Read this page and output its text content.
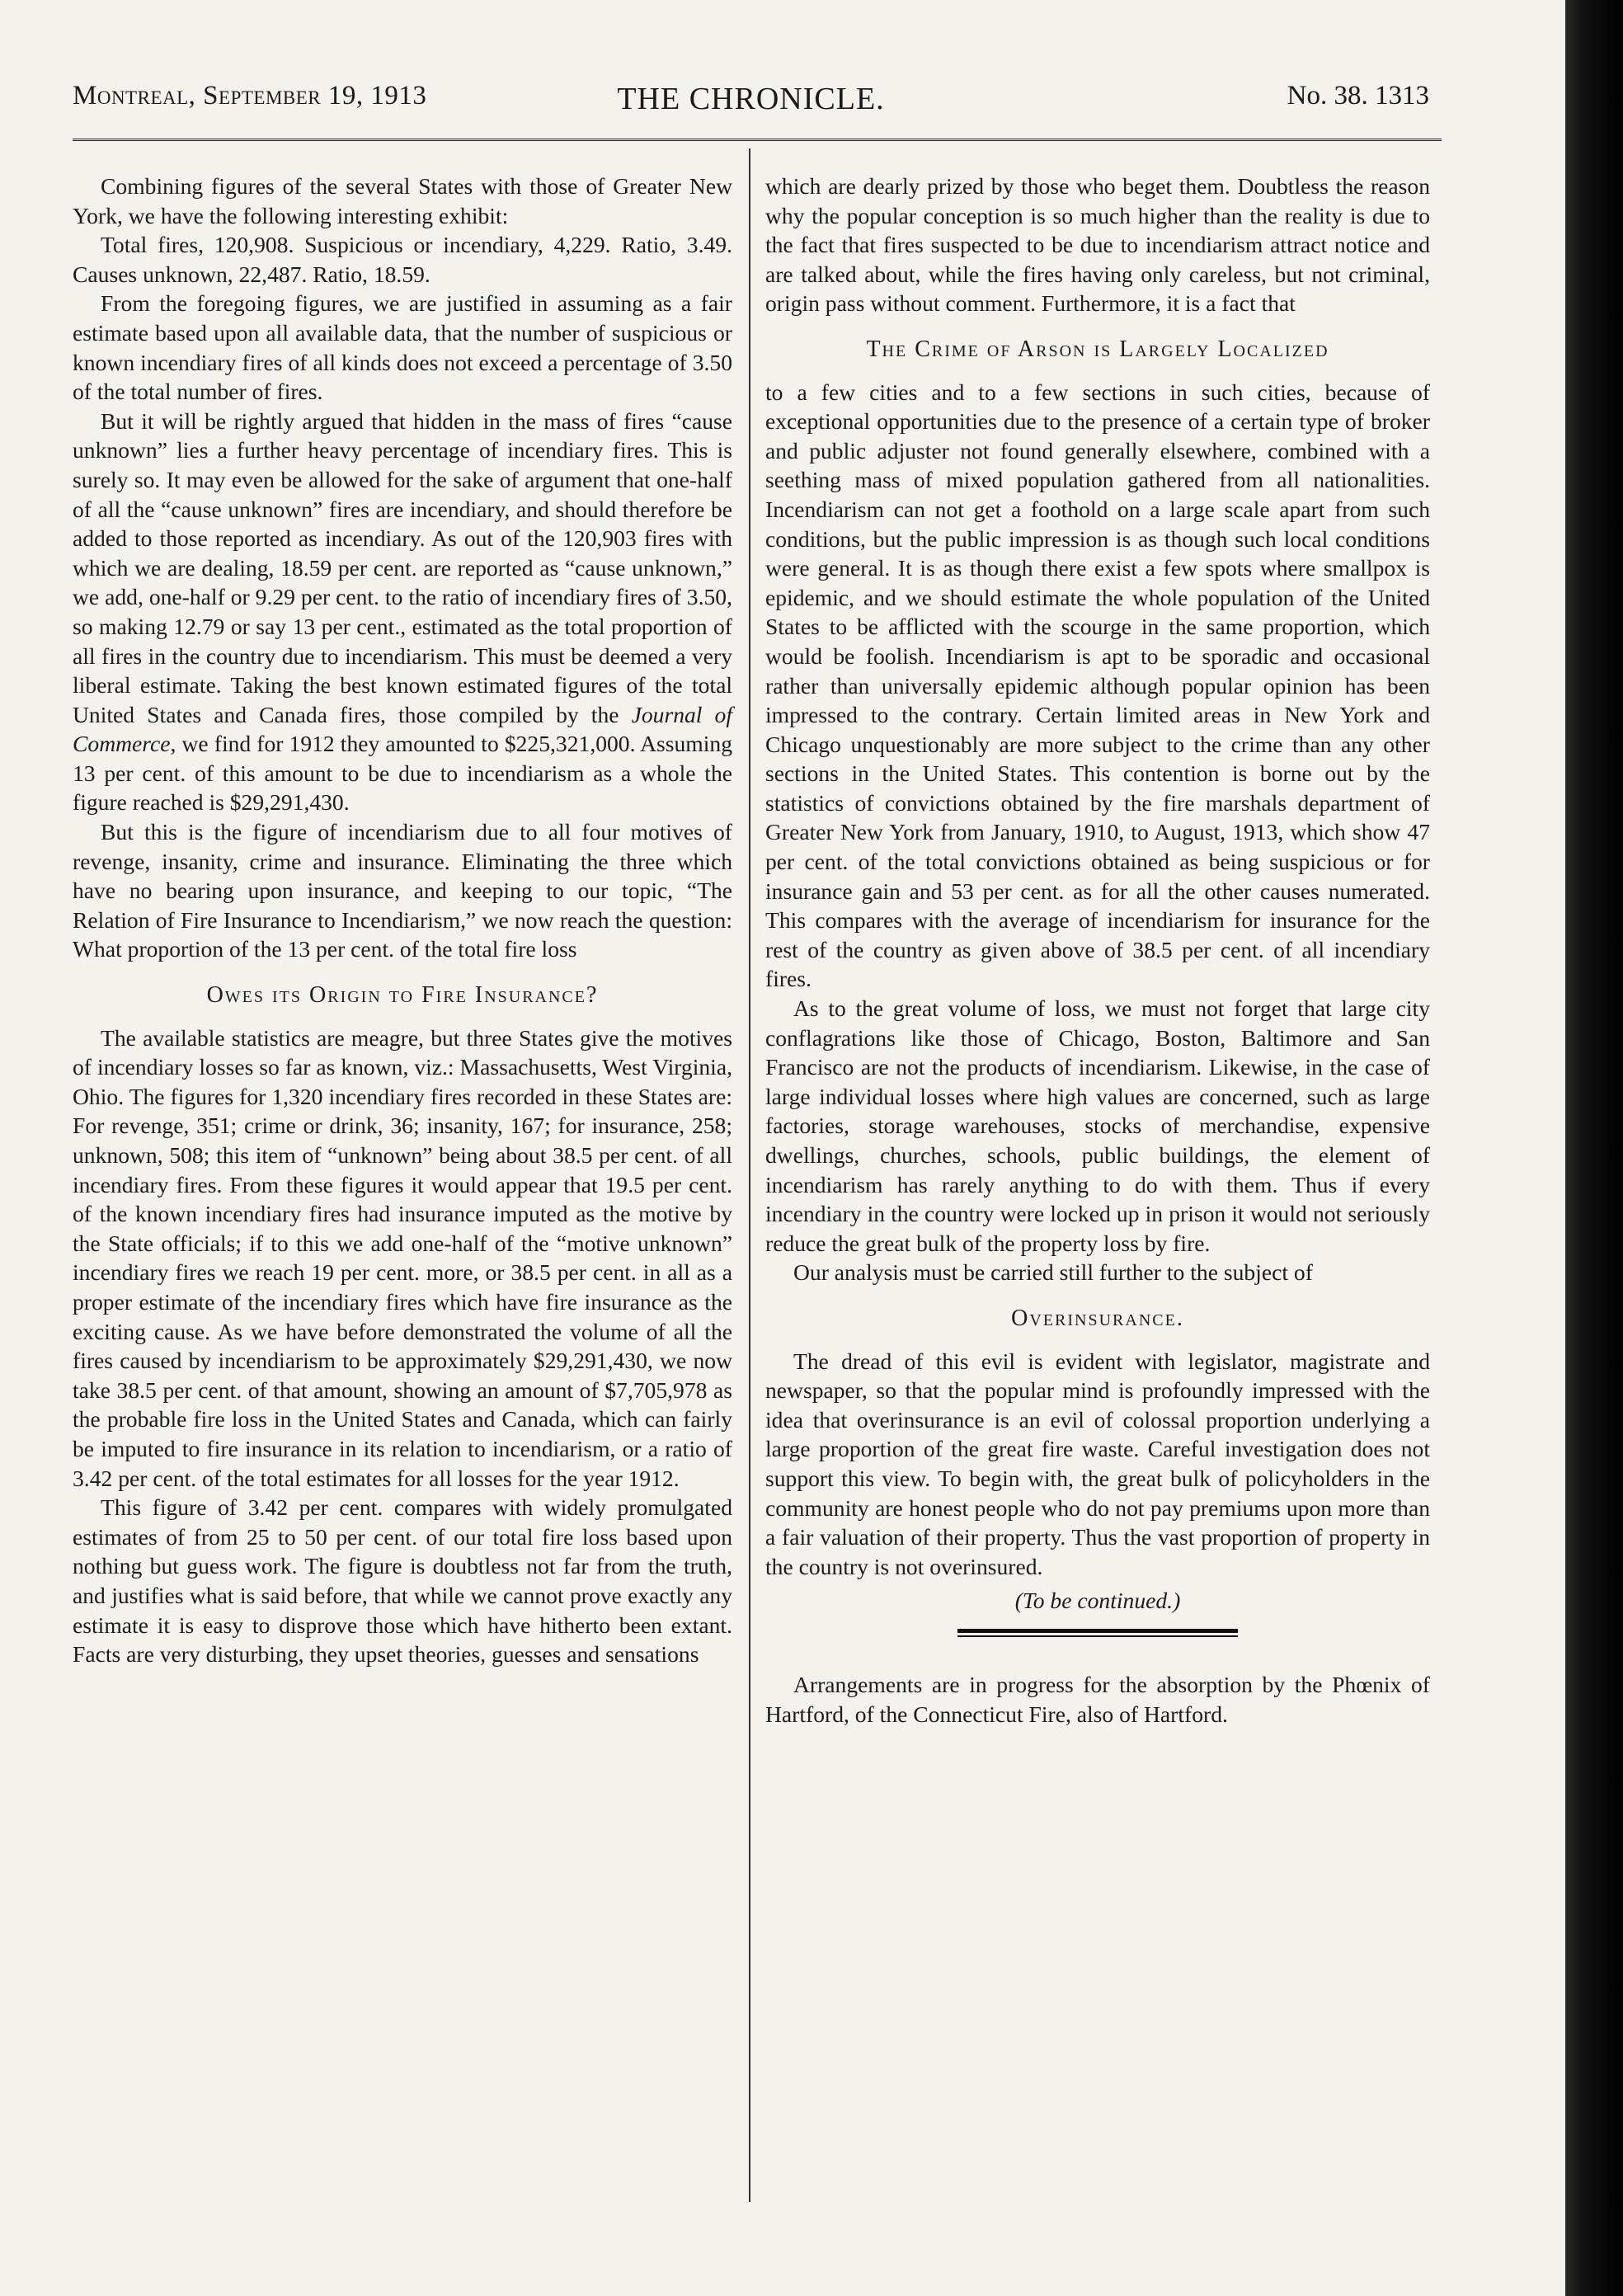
Montreal, September 19, 1913	THE CHRONICLE.	No. 38. 1313

Combining figures of the several States with those of Greater New York, we have the following interesting exhibit:

Total fires, 120,908. Suspicious or incendiary, 4,229. Ratio, 3.49. Causes unknown, 22,487. Ratio, 18.59.

From the foregoing figures, we are justified in assuming as a fair estimate based upon all available data, that the number of suspicious or known incendiary fires of all kinds does not exceed a percentage of 3.50 of the total number of fires.

But it will be rightly argued that hidden in the mass of fires “cause unknown” lies a further heavy percentage of incendiary fires. This is surely so. It may even be allowed for the sake of argument that one-half of all the “cause unknown” fires are incendiary, and should therefore be added to those reported as incendiary. As out of the 120,903 fires with which we are dealing, 18.59 per cent. are reported as “cause unknown,” we add, one-half or 9.29 per cent. to the ratio of incendiary fires of 3.50, so making 12.79 or say 13 per cent., estimated as the total proportion of all fires in the country due to incendiarism. This must be deemed a very liberal estimate. Taking the best known estimated figures of the total United States and Canada fires, those compiled by the Journal of Commerce, we find for 1912 they amounted to $225,321,000. Assuming 13 per cent. of this amount to be due to incendiarism as a whole the figure reached is $29,291,430.

But this is the figure of incendiarism due to all four motives of revenge, insanity, crime and insurance. Eliminating the three which have no bearing upon insurance, and keeping to our topic, “The Relation of Fire Insurance to Incendiarism,” we now reach the question: What proportion of the 13 per cent. of the total fire loss

Owes its Origin to Fire Insurance?

The available statistics are meagre, but three States give the motives of incendiary losses so far as known, viz.: Massachusetts, West Virginia, Ohio. The figures for 1,320 incendiary fires recorded in these States are: For revenge, 351; crime or drink, 36; insanity, 167; for insurance, 258; unknown, 508; this item of “unknown” being about 38.5 per cent. of all incendiary fires. From these figures it would appear that 19.5 per cent. of the known incendiary fires had insurance imputed as the motive by the State officials; if to this we add one-half of the “motive unknown” incendiary fires we reach 19 per cent. more, or 38.5 per cent. in all as a proper estimate of the incendiary fires which have fire insurance as the exciting cause. As we have before demonstrated the volume of all the fires caused by incendiarism to be approximately $29,291,430, we now take 38.5 per cent. of that amount, showing an amount of $7,705,978 as the probable fire loss in the United States and Canada, which can fairly be imputed to fire insurance in its relation to incendiarism, or a ratio of 3.42 per cent. of the total estimates for all losses for the year 1912.

This figure of 3.42 per cent. compares with widely promulgated estimates of from 25 to 50 per cent. of our total fire loss based upon nothing but guess work. The figure is doubtless not far from the truth, and justifies what is said before, that while we cannot prove exactly any estimate it is easy to disprove those which have hitherto been extant. Facts are very disturbing, they upset theories, guesses and sensations

which are dearly prized by those who beget them. Doubtless the reason why the popular conception is so much higher than the reality is due to the fact that fires suspected to be due to incendiarism attract notice and are talked about, while the fires having only careless, but not criminal, origin pass without comment. Furthermore, it is a fact that

The Crime of Arson is Largely Localized

to a few cities and to a few sections in such cities, because of exceptional opportunities due to the presence of a certain type of broker and public adjuster not found generally elsewhere, combined with a seething mass of mixed population gathered from all nationalities. Incendiarism can not get a foothold on a large scale apart from such conditions, but the public impression is as though such local conditions were general. It is as though there exist a few spots where smallpox is epidemic, and we should estimate the whole population of the United States to be afflicted with the scourge in the same proportion, which would be foolish. Incendiarism is apt to be sporadic and occasional rather than universally epidemic although popular opinion has been impressed to the contrary. Certain limited areas in New York and Chicago unquestionably are more subject to the crime than any other sections in the United States. This contention is borne out by the statistics of convictions obtained by the fire marshals department of Greater New York from January, 1910, to August, 1913, which show 47 per cent. of the total convictions obtained as being suspicious or for insurance gain and 53 per cent. as for all the other causes numerated. This compares with the average of incendiarism for insurance for the rest of the country as given above of 38.5 per cent. of all incendiary fires.

As to the great volume of loss, we must not forget that large city conflagrations like those of Chicago, Boston, Baltimore and San Francisco are not the products of incendiarism. Likewise, in the case of large individual losses where high values are concerned, such as large factories, storage warehouses, stocks of merchandise, expensive dwellings, churches, schools, public buildings, the element of incendiarism has rarely anything to do with them. Thus if every incendiary in the country were locked up in prison it would not seriously reduce the great bulk of the property loss by fire.

Our analysis must be carried still further to the subject of

Overinsurance.

The dread of this evil is evident with legislator, magistrate and newspaper, so that the popular mind is profoundly impressed with the idea that overinsurance is an evil of colossal proportion underlying a large proportion of the great fire waste. Careful investigation does not support this view. To begin with, the great bulk of policyholders in the community are honest people who do not pay premiums upon more than a fair valuation of their property. Thus the vast proportion of property in the country is not overinsured.

(To be continued.)

Arrangements are in progress for the absorption by the Phœnix of Hartford, of the Connecticut Fire, also of Hartford.
